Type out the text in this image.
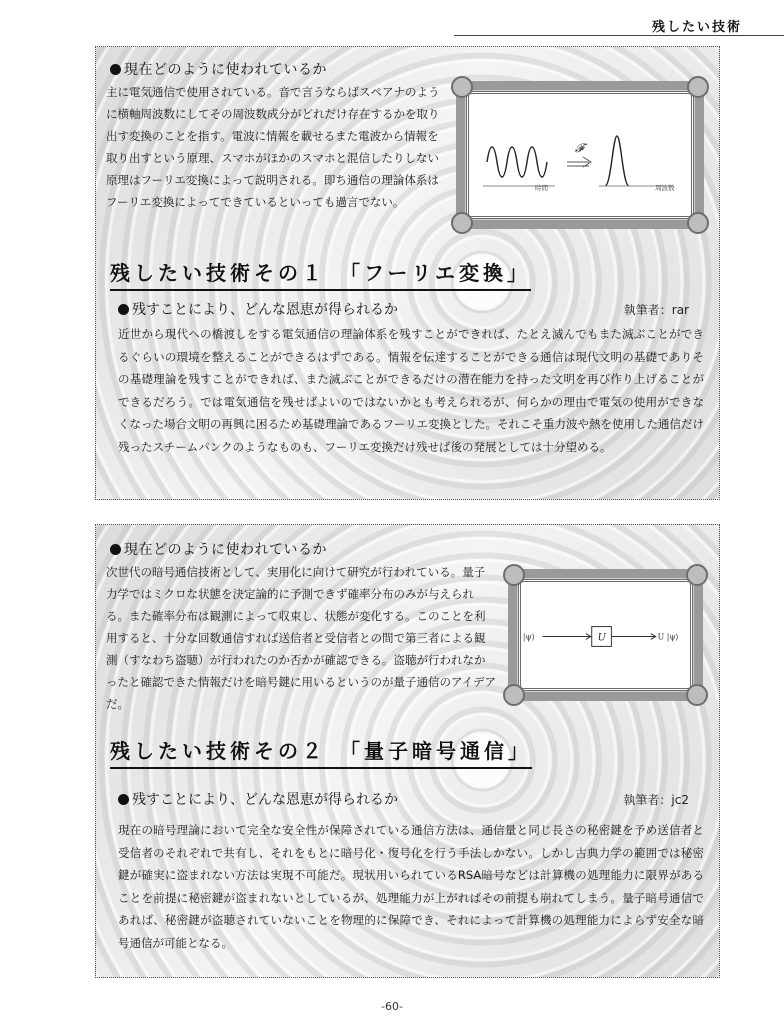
残したい技術
現在どのように使われているか

主に電気通信で使用されている。音で言うならばスペアナのように横軸周波数にしてその周波数成分がどれだけ存在するかを取り出す変換のことを指す。電波に情報を載せるまた電波から情報を取り出すという原理、スマホがほかのスマホと混信したりしない原理はフーリエ変換によって説明される。即ち通信の理論体系はフーリエ変換によってできているといっても過言でない。

𝓕
時間	周波数
残したい技術その１　「フーリエ変換」
残すことにより、どんな恩恵が得られるか	執筆者：rar

近世から現代への橋渡しをする電気通信の理論体系を残すことができれば、たとえ滅んでもまた滅ぶことができるぐらいの環境を整えることができるはずである。情報を伝達することができる通信は現代文明の基礎でありその基礎理論を残すことができれば、また滅ぶことができるだけの潜在能力を持った文明を再び作り上げることができるだろう。では電気通信を残せばよいのではないかとも考えられるが、何らかの理由で電気の使用ができなくなった場合文明の再興に困るため基礎理論であるフーリエ変換とした。それこそ重力波や熱を使用した通信だけ残ったスチームパンクのようなものも、フーリエ変換だけ残せば後の発展としては十分望める。

現在どのように使われているか

次世代の暗号通信技術として、実用化に向けて研究が行われている。量子力学ではミクロな状態を決定論的に予測できず確率分布のみが与えられる。また確率分布は観測によって収束し、状態が変化する。このことを利用すると、十分な回数通信すれば送信者と受信者との間で第三者による観測（すなわち盗聴）が行われたのか否かが確認できる。盗聴が行われなかったと確認できた情報だけを暗号鍵に用いるというのが量子通信のアイデアだ。

|ψ⟩	U	U |ψ⟩
残したい技術その２　「量子暗号通信」
残すことにより、どんな恩恵が得られるか	執筆者：jc2

現在の暗号理論において完全な安全性が保障されている通信方法は、通信量と同じ長さの秘密鍵を予め送信者と受信者のそれぞれで共有し、それをもとに暗号化・復号化を行う手法しかない。しかし古典力学の範囲では秘密鍵が確実に盗まれない方法は実現不可能だ。現状用いられているRSA暗号などは計算機の処理能力に限界があることを前提に秘密鍵が盗まれないとしているが、処理能力が上がればその前提も崩れてしまう。量子暗号通信であれば、秘密鍵が盗聴されていないことを物理的に保障でき、それによって計算機の処理能力によらず安全な暗号通信が可能となる。

-60-
